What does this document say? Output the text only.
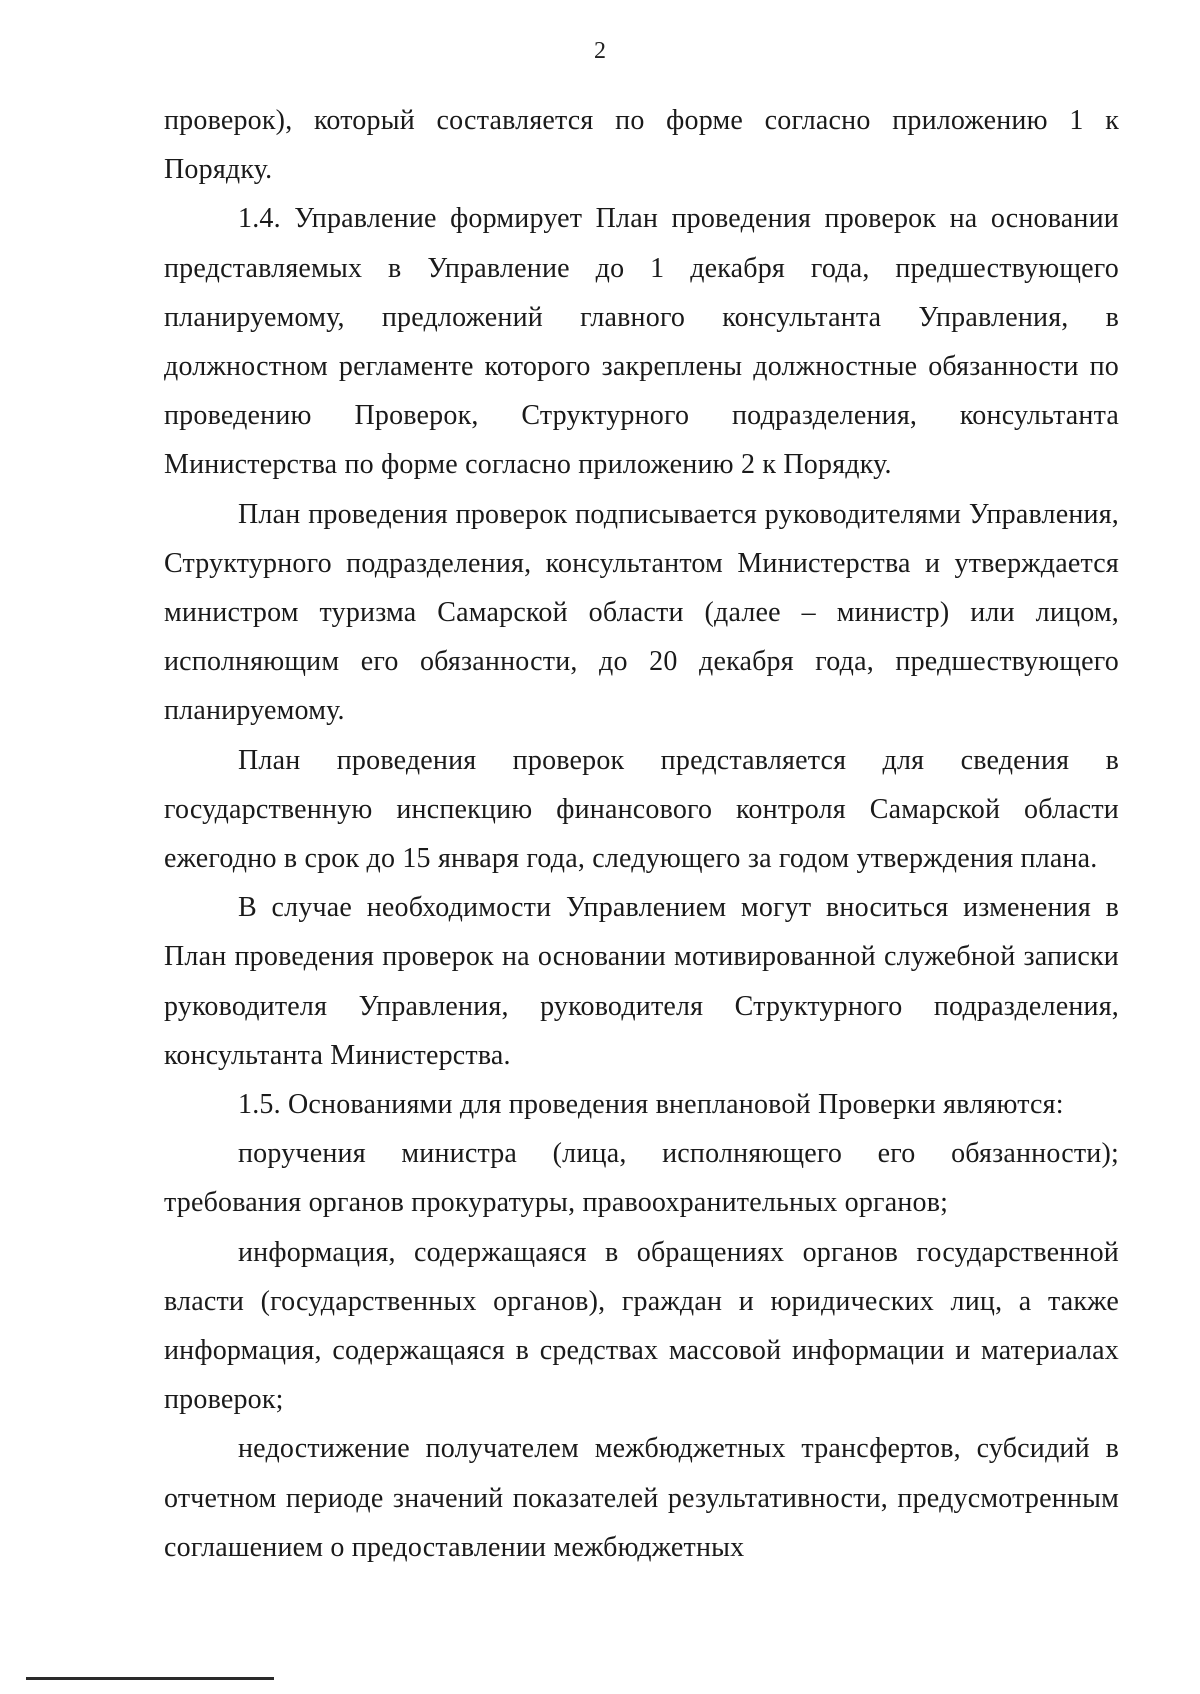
2

проверок), который составляется по форме согласно приложению 1 к Порядку.

1.4. Управление формирует План проведения проверок на основании представляемых в Управление до 1 декабря года, предшествующего планируемому, предложений главного консультанта Управления, в должностном регламенте которого закреплены должностные обязанности по проведению Проверок, Структурного подразделения, консультанта Министерства по форме согласно приложению 2 к Порядку.

План проведения проверок подписывается руководителями Управления, Структурного подразделения, консультантом Министерства и утверждается министром туризма Самарской области (далее – министр) или лицом, исполняющим его обязанности, до 20 декабря года, предшествующего планируемому.

План проведения проверок представляется для сведения в государственную инспекцию финансового контроля Самарской области ежегодно в срок до 15 января года, следующего за годом утверждения плана.

В случае необходимости Управлением могут вноситься изменения в План проведения проверок на основании мотивированной служебной записки руководителя Управления, руководителя Структурного подразделения, консультанта Министерства.

1.5. Основаниями для проведения внеплановой Проверки являются:

поручения министра (лица, исполняющего его обязанности); требования органов прокуратуры, правоохранительных органов;

информация, содержащаяся в обращениях органов государственной власти (государственных органов), граждан и юридических лиц, а также информация, содержащаяся в средствах массовой информации и материалах проверок;

недостижение получателем межбюджетных трансфертов, субсидий в отчетном периоде значений показателей результативности, предусмотренным соглашением о предоставлении межбюджетных
